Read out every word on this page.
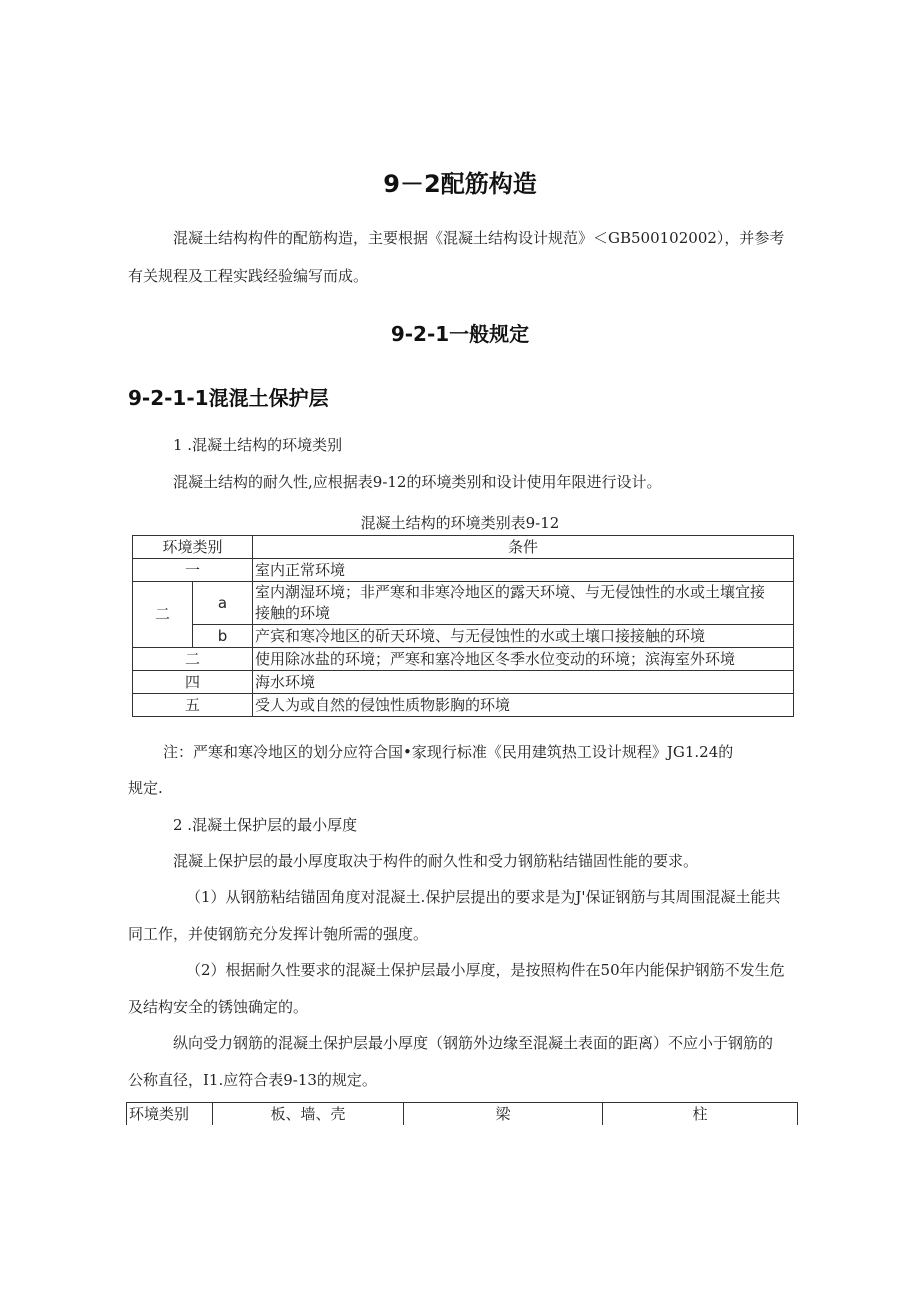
9－2配筋构造
混凝土结构构件的配筋构造，主要根据《混凝土结构设计规范》＜GB500102002），并参考
有关规程及工程实践经验编写而成。
9-2-1一般规定
9-2-1-1混混土保护层
1 .混凝土结构的环境类别
混凝土结构的耐久性,应根据表9-12的环境类别和设计使用年限进行设计。
混凝土结构的环境类别表9-12
环境类别		条件
一		室内正常环境
二	a	室内潮湿环境；非严寒和非寒冷地区的露天环境、与无侵蚀性的水或土壤宜接
接触的环境

	b	产宾和寒冷地区的斫天环境、与无侵蚀性的水或土壤口接接触的环境
二		使用除冰盐的环境；严寒和塞冷地区冬季水位变动的环境；滨海室外环境
四		海水环境
五		受人为或自然的侵蚀性质物影胸的环境
注：严寒和寒冷地区的划分应符合国•家现行标准《民用建筑热工设计规程》JG1.24的
规定.
2 .混凝土保护层的最小厚度
混凝上保护层的最小厚度取决于构件的耐久性和受力钢筋粘结锚固性能的要求。
（1）从钢筋粘结锚固角度对混凝土.保护层提出的要求是为J'保证钢筋与其周围混凝土能共
同工作，并使钢筋充分发挥计匏所需的强度。
（2）根据耐久性要求的混凝土保护层最小厚度，是按照构件在50年内能保护钢筋不发生危
及结构安全的锈蚀确定的。
纵向受力钢筋的混凝土保护层最小厚度（钢筋外边缘至混凝土表面的距离）不应小于钢筋的
公称直径，I1.应符合表9-13的规定。
环境类别	板、墙、壳	梁	柱
